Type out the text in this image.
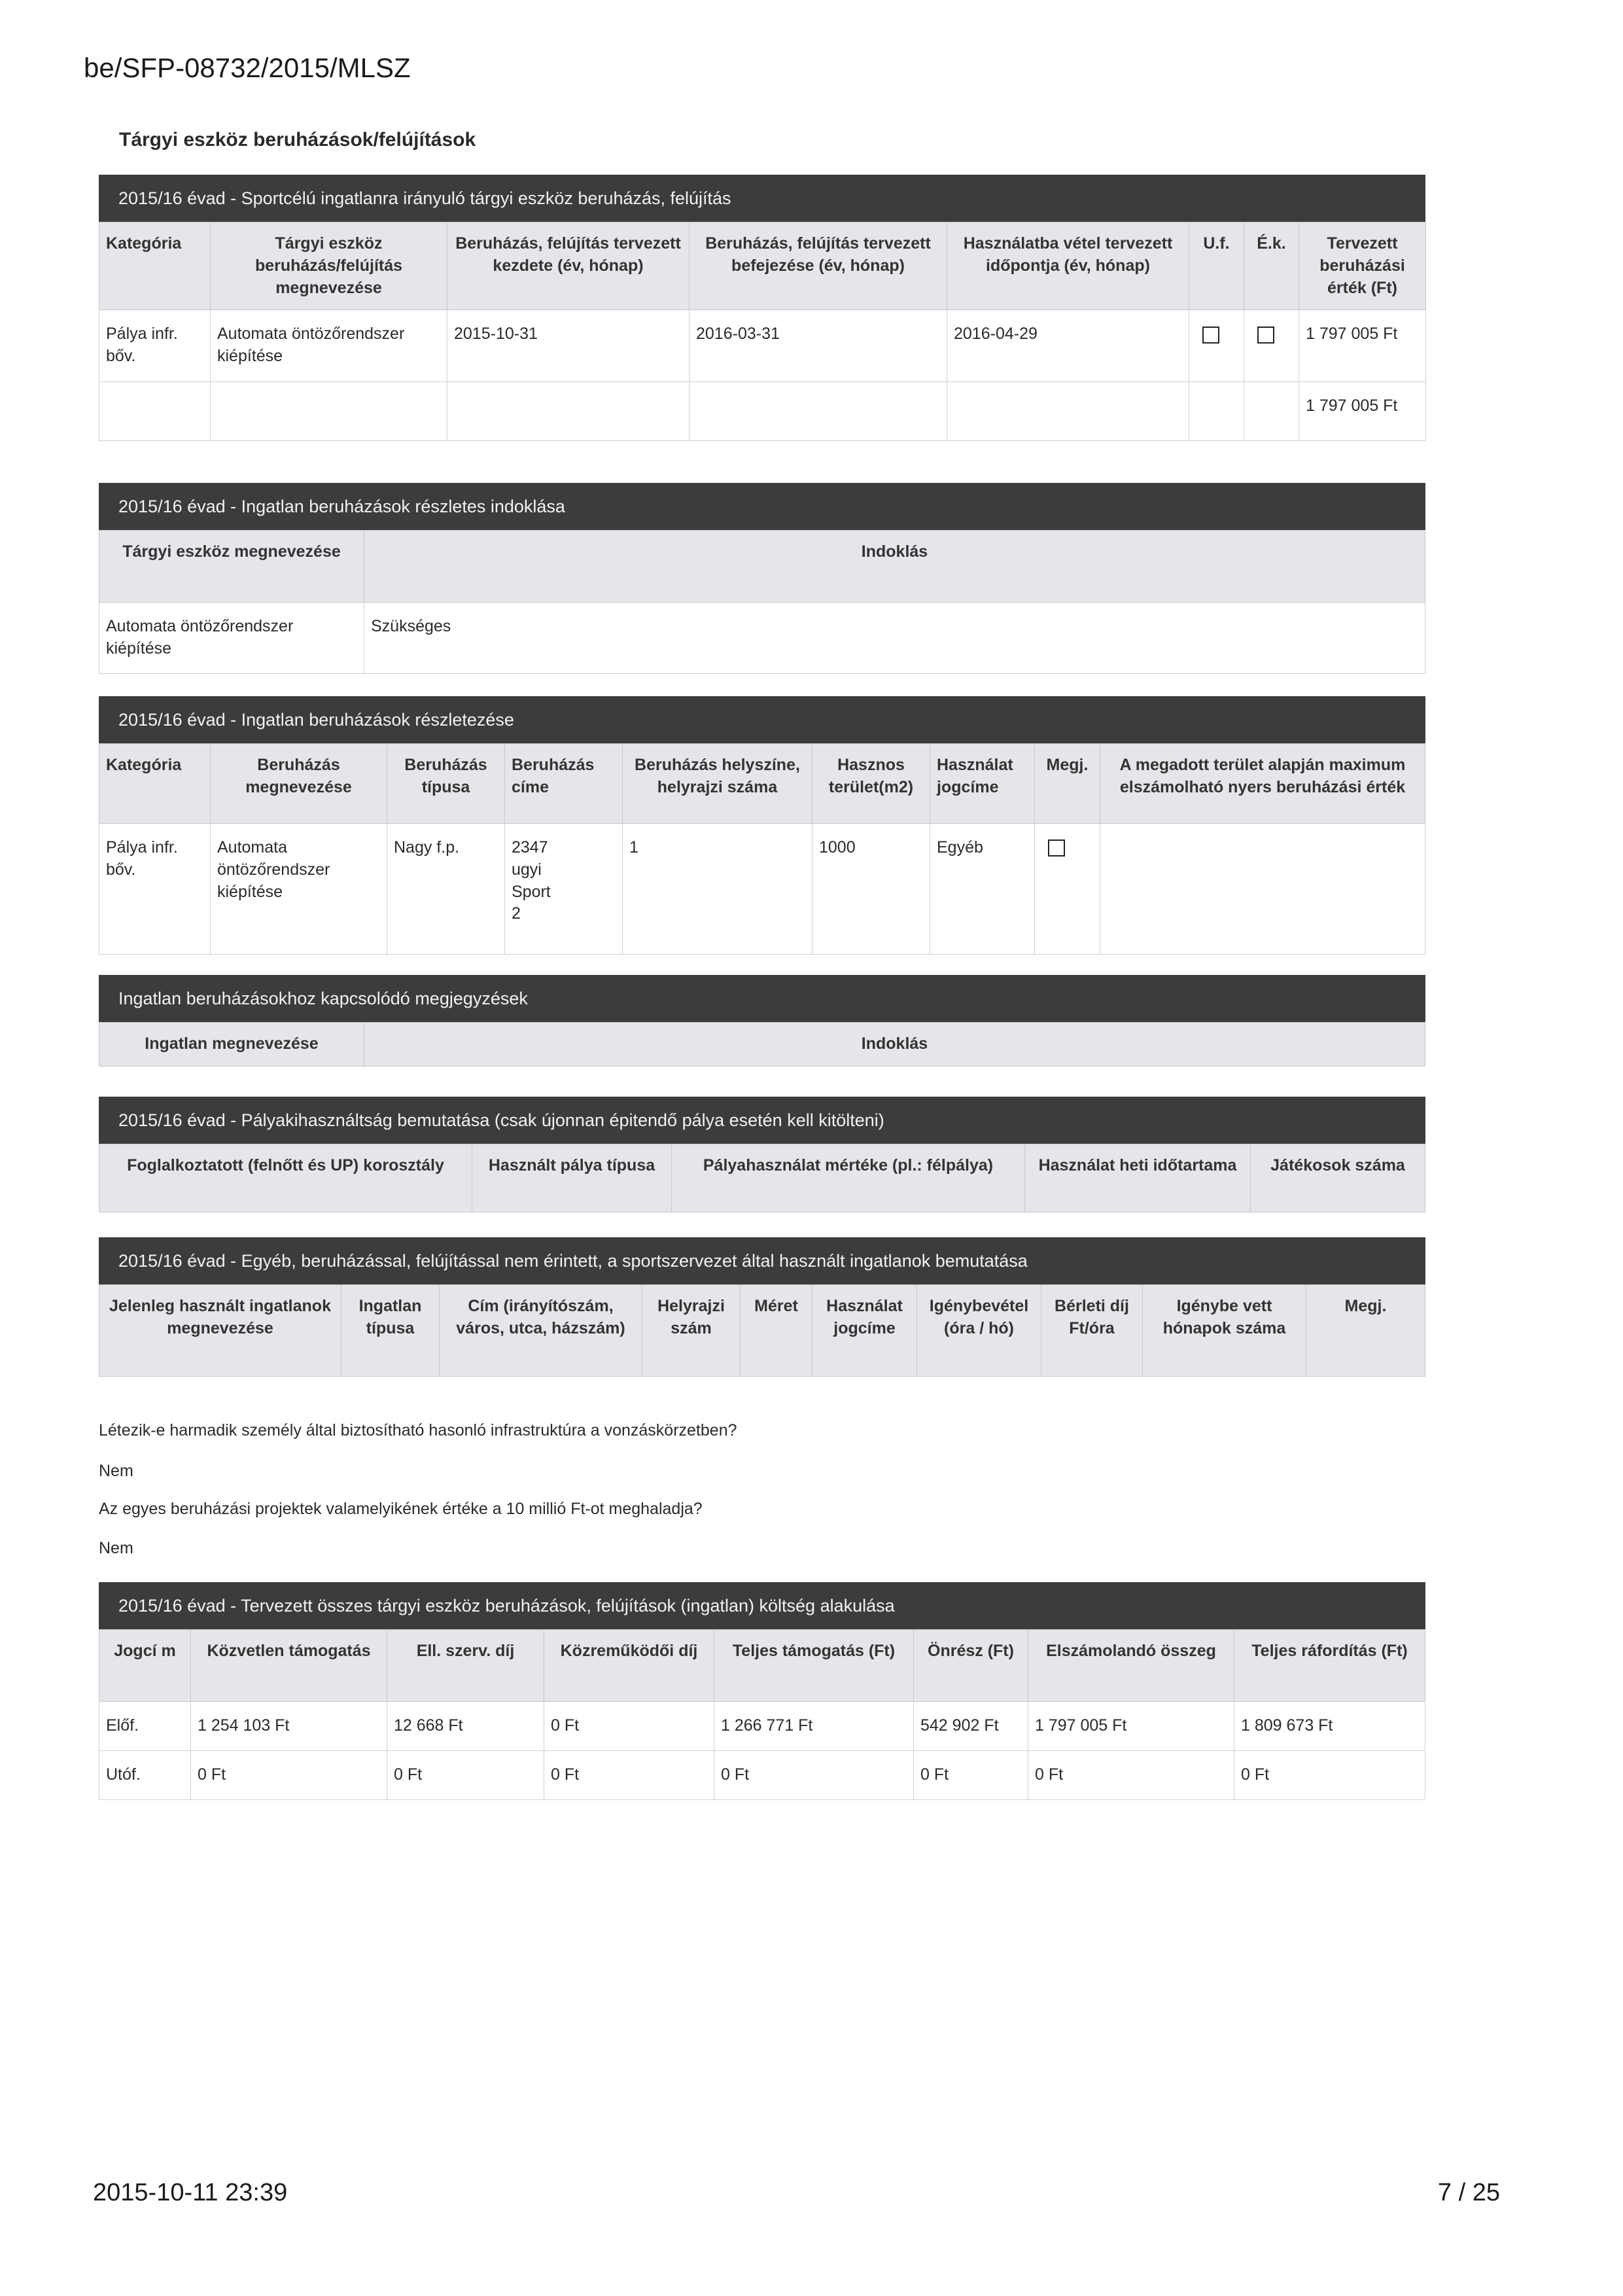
be/SFP-08732/2015/MLSZ
Tárgyi eszköz beruházások/felújítások
2015/16 évad - Sportcélú ingatlanra irányuló tárgyi eszköz beruházás, felújítás
Kategória	Tárgyi eszköz beruházás/felújítás megnevezése	Beruházás, felújítás tervezett kezdete (év, hónap)	Beruházás, felújítás tervezett befejezése (év, hónap)	Használatba vétel tervezett időpontja (év, hónap)	U.f.	É.k.	Tervezett beruházási érték (Ft)
Pálya infr. bőv.	Automata öntözőrendszer kiépítése	2015-10-31	2016-03-31	2016-04-29			1 797 005 Ft
							1 797 005 Ft
2015/16 évad - Ingatlan beruházások részletes indoklása
Tárgyi eszköz megnevezése	Indoklás
Automata öntözőrendszer kiépítése	Szükséges
2015/16 évad - Ingatlan beruházások részletezése
Kategória	Beruházás megnevezése	Beruházás típusa	Beruházás címe	Beruházás helyszíne, helyrajzi száma	Hasznos terület(m2)	Használat jogcíme	Megj.	A megadott terület alapján maximum elszámolható nyers beruházási érték
Pálya infr. bőv.	Automata öntözőrendszer kiépítése	Nagy f.p.	2347 ugyi Sport 2	1	1000	Egyéb		
Ingatlan beruházásokhoz kapcsolódó megjegyzések
Ingatlan megnevezése	Indoklás
2015/16 évad - Pályakihasználtság bemutatása (csak újonnan épitendő pálya esetén kell kitölteni)
Foglalkoztatott (felnőtt és UP) korosztály	Használt pálya típusa	Pályahasználat mértéke (pl.: félpálya)	Használat heti időtartama	Játékosok száma
2015/16 évad - Egyéb, beruházással, felújítással nem érintett, a sportszervezet által használt ingatlanok bemutatása
Jelenleg használt ingatlanok megnevezése	Ingatlan típusa	Cím (irányítószám, város, utca, házszám)	Helyrajzi szám	Méret	Használat jogcíme	Igénybevétel (óra / hó)	Bérleti díj Ft/óra	Igénybe vett hónapok száma	Megj.
Létezik-e harmadik személy által biztosítható hasonló infrastruktúra a vonzáskörzetben?
Nem
Az egyes beruházási projektek valamelyikének értéke a 10 millió Ft-ot meghaladja?
Nem
2015/16 évad - Tervezett összes tárgyi eszköz beruházások, felújítások (ingatlan) költség alakulása
Jogcí m	Közvetlen támogatás	Ell. szerv. díj	Közreműködői díj	Teljes támogatás (Ft)	Önrész (Ft)	Elszámolandó összeg	Teljes ráfordítás (Ft)
Előf.	1 254 103 Ft	12 668 Ft	0 Ft	1 266 771 Ft	542 902 Ft	1 797 005 Ft	1 809 673 Ft
Utóf.	0 Ft	0 Ft	0 Ft	0 Ft	0 Ft	0 Ft	0 Ft
2015-10-11 23:39	7 / 25
